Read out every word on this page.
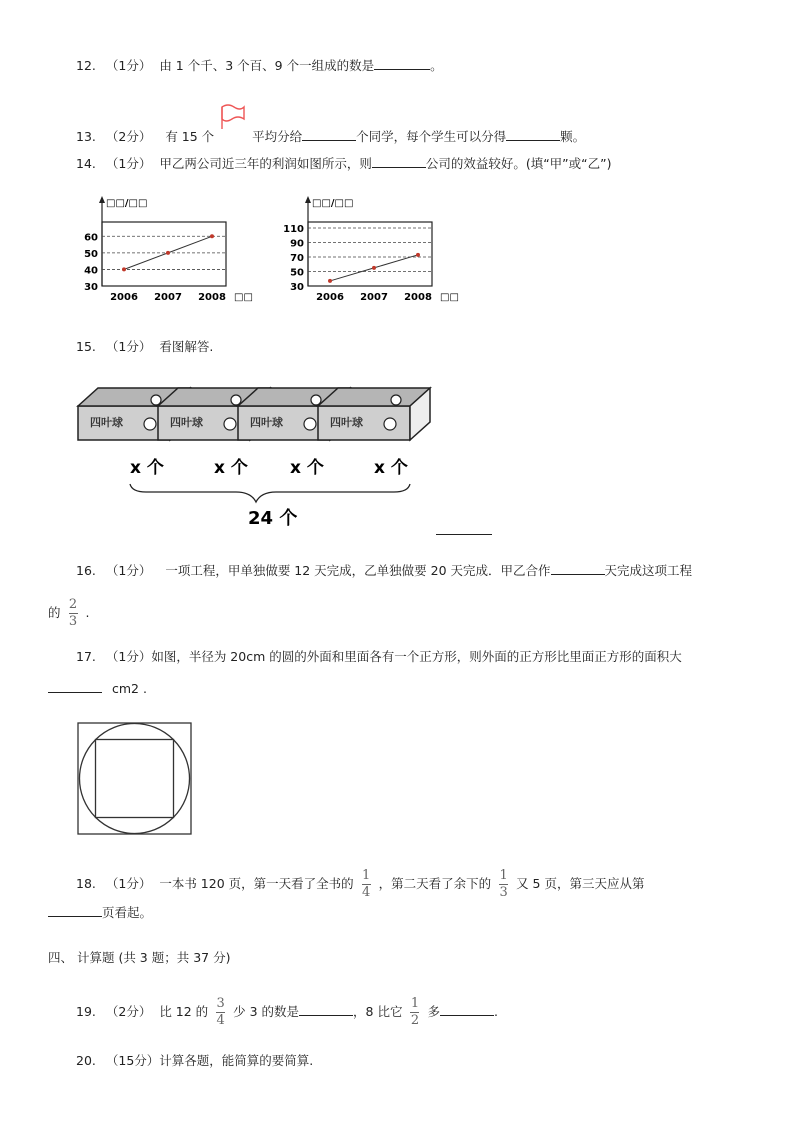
12. （1分） 由 1 个千、3 个百、9 个一组成的数是	。
13. （2分） 有 15 个	平均分给	个同学，每个学生可以分得	颗。
14. （1分） 甲乙两公司近三年的利润如图所示，则	公司的效益较好。(填“甲”或“乙”)
□□/□□
60
50
40
30
2006 2007 2008 □□
□□/□□
110
90
70
50
30
2006 2007 2008 □□
15. （1分） 看图解答.
四叶球	四叶球	四叶球	四叶球
x 个	x 个 x 个	x 个
24 个
16. （1分） 一项工程，甲单独做要 12 天完成，乙单独做要 20 天完成．甲乙合作	天完成这项工程
的 $\frac{2}{3}$ .
17. （1分）如图，半径为 20cm 的圆的外面和里面各有一个正方形，则外面的正方形比里面正方形的面积大
cm2 .
18. （1分） 一本书 120 页，第一天看了全书的 $\frac{1}{4}$ ，第二天看了余下的 $\frac{1}{3}$ 又 5 页，第三天应从第
页看起。
四、 计算题 (共 3 题；共 37 分)
19. （2分） 比 12 的 $\frac{3}{4}$ 少 3 的数是	，8 比它 $\frac{1}{2}$ 多	.
20. （15分）计算各题，能简算的要简算.
